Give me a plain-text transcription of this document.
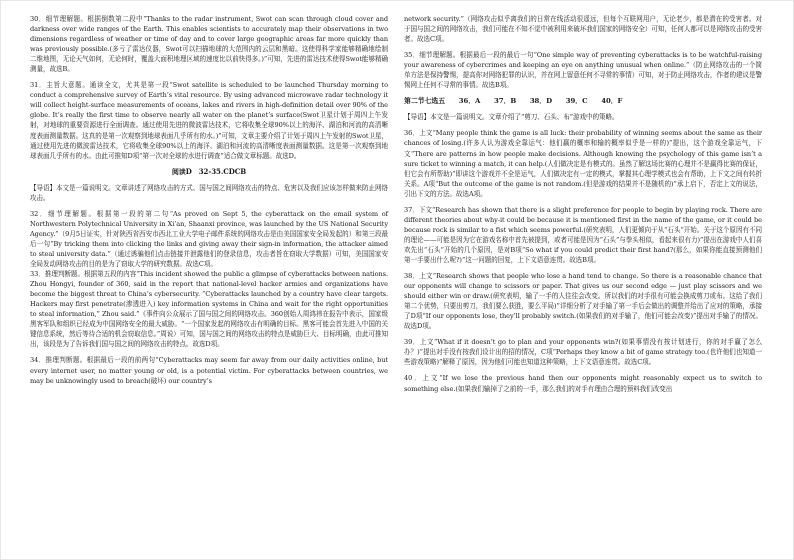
30．细节理解题。根据倒数第二段中“Thanks to the radar instrument, Swot can scan through cloud cover and darkness over wide ranges of the Earth. This enables scientists to accurately map their observations in two dimensions regardless of weather or time of day and to cover large geographic areas far more quickly than was previously possible.(多亏了雷达仪器，Swot可以扫描地球的大范围内的云层和黑暗。这使得科学家能够精确地绘制二维地图，无论天气如何，无论何时，覆盖大面积地理区域的速度比以前快得多。)”可知，先进的雷达技术使得Swot能够精确测量，故选B。

31．主旨大意题。通读全文，尤其是第一段“Swot satellite is scheduled to be launched Thursday morning to conduct a comprehensive survey of Earth’s vital resource. By using advanced microwave radar technology it will collect height-surface measurements of oceans, lakes and rivers in high-definition detail over 90% of the globe. It’s really the first time to observe nearly all water on the planet’s surface(Swot卫星计划于周四上午发射，对地球的重要资源进行全面调查。通过使用先进的微波雷达技术，它将收集全球90%以上的海洋、湖泊和河流的高清晰度表面测量数据。这真的是第一次观察到地球表面几乎所有的水。)”可知，文章主要介绍了计划于周四上午发射的Swot卫星，通过使用先进的微波雷达技术，它将收集全球90%以上的海洋、湖泊和河流的高清晰度表面测量数据。这是第一次观察到地球表面几乎所有的水。由此可推知D项“第一次对全球的水进行调查”适合做文章标题。故选D。

阅读D　32-35.CDCB

【导语】本文是一篇说明文。文章讲述了网络攻击的方式、国与国之间网络攻击的特点、危害以及我们应该怎样做来防止网络攻击。

32．细节理解题。根据第一段的第二句“As proved on Sept 5, the cyberattack on the email system of Northwestern Polytechnical University in Xi’an, Shaanxi province, was launched by the US National Security Agency.”（9月5日证实，针对陕西省西安市西北工业大学电子邮件系统的网络攻击是由美国国家安全局发起的）和第三段最后一句“By tricking them into clicking the links and giving away their sign-in information, the attacker aimed to steal university data.”（通过诱骗他们点击链接并泄露他们的登录信息，攻击者旨在窃取大学数据）可知，美国国家安全局发动网络攻击的目的是为了窃取大学的研究数据。故选C项。

33．推理判断题。根据第五段的内容“This incident showed the public a glimpse of cyberattacks between nations. Zhou Hongyi, founder of 360, said in the report that national-level hacker armies and organizations have become the biggest threat to China’s cybersecurity. “Cyberattacks launched by a country have clear targets. Hackers may first penetrate(渗透进入) key information systems in China and wait for the right opportunities to steal information,” Zhou said.”《事件向公众展示了国与国之间的网络攻击。360创始人周鸿祎在报告中表示，国家级黑客军队和组织已经成为中国网络安全的最大威胁。“一个国家发起的网络攻击有明确的目标。黑客可能会首先进入中国的关键信息系统，然后等待合适的机会窃取信息。”周说）可知，国与国之间的网络攻击的特点是威胁巨大、目标明确，由此可推知出，该段是为了告诉我们国与国之间的网络攻击的特点。故选D项。

34．推理判断题。根据最后一段的前两句“Cyberattacks may seem far away from our daily activities online, but every internet user, no matter young or old, is a potential victim. For cyberattacks between countries, we may be unknowingly used to breach(破坏) our country’s

network security.”（网络攻击似乎离我们的日常在线活动很遥远，但每个互联网用户，无论老少，都是潜在的受害者。对于国与国之间的网络攻击，我们可能在不知不觉中被利用来破坏我们国家的网络安全）可知，任何人都可以是网络攻击的受害者。故选C项。

35．细节理解题。根据最后一段的最后一句“One simple way of preventing cyberattacks is to be watchful-raising your awareness of cybercrimes and keeping an eye on anything unusual when online.”（防止网络攻击的一个简单方法是保持警惕，提高你对网络犯罪的认识，并在网上留意任何不寻常的事情）可知，对于防止网络攻击，作者的建议是警惕网上任何不寻常的事情。故选B项。

第二节七选五　　36．A　　37．B　　38．D　　39．C　　40．F

【导语】本文是一篇说明文。文章介绍了“剪刀、石头、布”游戏中的策略。

36．上文“Many people think the game is all luck: their probability of winning seems about the same as their chances of losing.(许多人认为游戏全靠运气：他们赢的概率和输的概率似乎是一样的)”提出，这个游戏全靠运气，下文“There are patterns in how people make decisions. Although knowing the psychology of this game isn’t a sure ticket to winning a match, it can help.(人们做决定是有模式的。虽然了解这场比赛的心理并不是赢得比赛的保证，但它会有所帮助)”即讲这个游戏并不全是运气，人们做决定有一定的模式，掌握其心理学模式也会有帮助，上下文之间有转折关系。A项“But the outcome of the game is not random.(但是游戏的结果并不是随机的)”承上启下，否定上文的说法，引出下文的方法。故选A项。

37．下文“Research has shown that there is a slight preference for people to begin by playing rock. There are different theories about why-it could be because it is mentioned first in the name of the game, or it could be because rock is similar to a fist which seems powerful.(研究表明，人们更倾向于从“石头”开始。关于这个原因有不同的理论——可能是因为它在游戏名称中首先被提到，或者可能是因为“石头”与拳头相似，看起来很有力)”提出在游戏中人们喜欢先出“石头”开始的几个原因，是对B项“So what if you could predict their first hand?(那么，如果你能直接预测他们第一手要出什么呢?)”这一问题的回复，上下文语意连贯。故选B项。

38．上文“Research shows that people who lose a hand tend to change. So there is a reasonable chance that our opponents will change to scissors or paper. That gives us our second edge — just play scissors and we should either win or draw.(研究表明，输了一手的人往往会改变。所以我们的对手很有可能会换成剪刀或布。这给了我们第二个优势，只要出剪刀，我们要么获胜，要么平局)”详细分析了对手输了第一手后会做出的调整并给出了应对的策略，承接了D项“If our opponents lose, they’ll probably switch.(如果我们的对手输了，他们可能会改变)”提出对手输了的情况。故选D项。

39．上文“What if it doesn’t go to plan and your opponents win?(如果事情没有按计划进行，你的对手赢了怎么办？)”提出对手没有按我们设计出的招的情况，C项“Perhaps they know a bit of game strategy too.(也许他们也知道一些游戏策略)”解释了原因，因为他们可能也知道这种策略，上下文语意连贯。故选C项。

40．上文“If we lose the previous hand then our opponents might reasonably expect us to switch to something else.(如果我们输掉了之前的一手，那么我们的对手有理由合理的预料我们改变出
